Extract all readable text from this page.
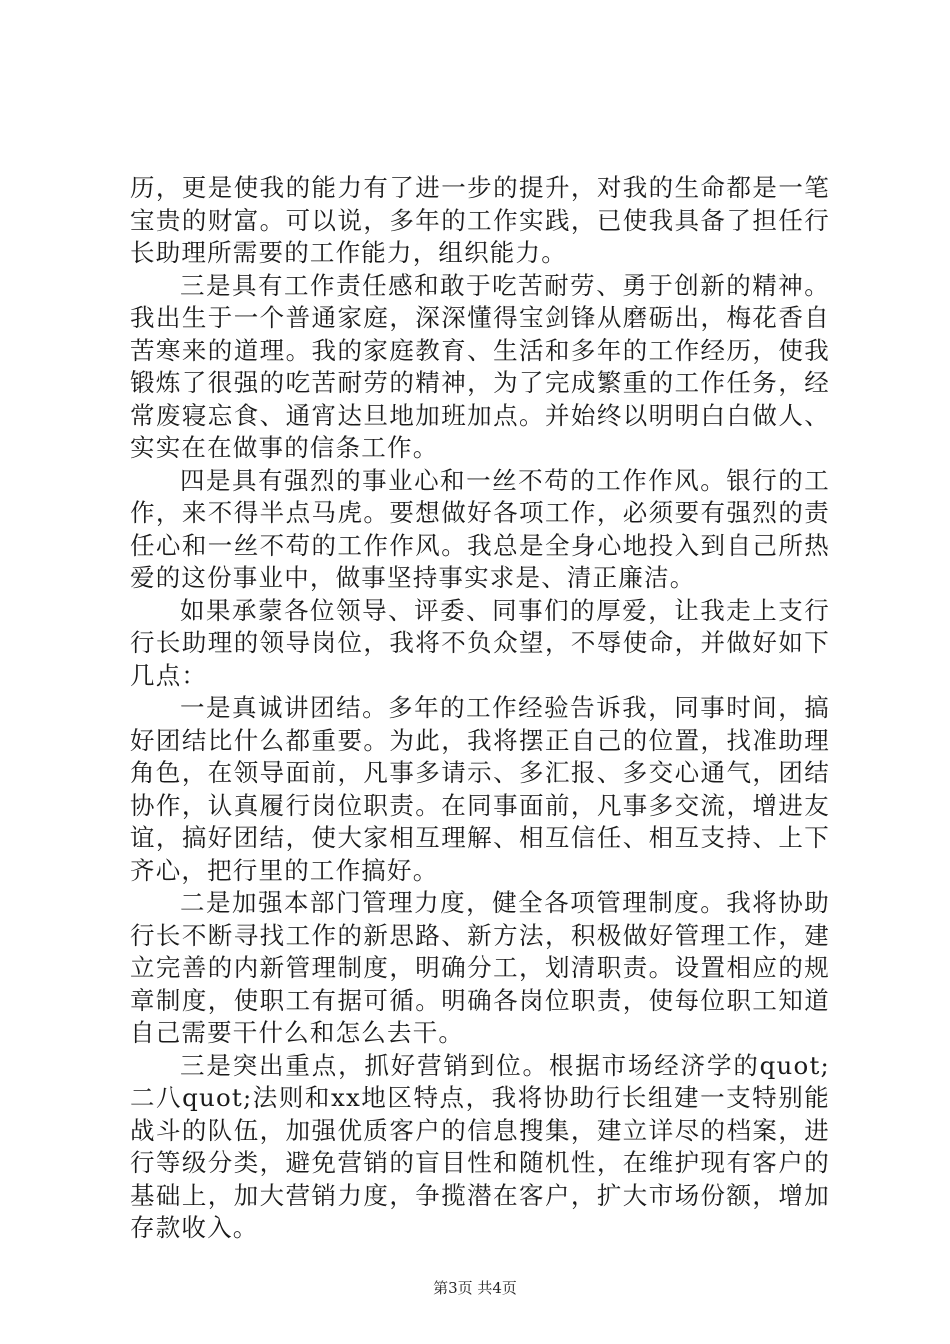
历，更是使我的能力有了进一步的提升，对我的生命都是一笔宝贵的财富。可以说，多年的工作实践，已使我具备了担任行长助理所需要的工作能力，组织能力。

三是具有工作责任感和敢于吃苦耐劳、勇于创新的精神。我出生于一个普通家庭，深深懂得宝剑锋从磨砺出，梅花香自苦寒来的道理。我的家庭教育、生活和多年的工作经历，使我锻炼了很强的吃苦耐劳的精神，为了完成繁重的工作任务，经常废寝忘食、通宵达旦地加班加点。并始终以明明白白做人、实实在在做事的信条工作。

四是具有强烈的事业心和一丝不苟的工作作风。银行的工作，来不得半点马虎。要想做好各项工作，必须要有强烈的责任心和一丝不苟的工作作风。我总是全身心地投入到自己所热爱的这份事业中，做事坚持事实求是、清正廉洁。

如果承蒙各位领导、评委、同事们的厚爱，让我走上支行行长助理的领导岗位，我将不负众望，不辱使命，并做好如下几点：

一是真诚讲团结。多年的工作经验告诉我，同事时间，搞好团结比什么都重要。为此，我将摆正自己的位置，找准助理角色，在领导面前，凡事多请示、多汇报、多交心通气，团结协作，认真履行岗位职责。在同事面前，凡事多交流，增进友谊，搞好团结，使大家相互理解、相互信任、相互支持、上下齐心，把行里的工作搞好。

二是加强本部门管理力度，健全各项管理制度。我将协助行长不断寻找工作的新思路、新方法，积极做好管理工作，建立完善的内新管理制度，明确分工，划清职责。设置相应的规章制度，使职工有据可循。明确各岗位职责，使每位职工知道自己需要干什么和怎么去干。

三是突出重点，抓好营销到位。根据市场经济学的quot;二八quot;法则和xx地区特点，我将协助行长组建一支特别能战斗的队伍，加强优质客户的信息搜集，建立详尽的档案，进行等级分类，避免营销的盲目性和随机性，在维护现有客户的基础上，加大营销力度，争揽潜在客户，扩大市场份额，增加存款收入。

第3页 共4页
